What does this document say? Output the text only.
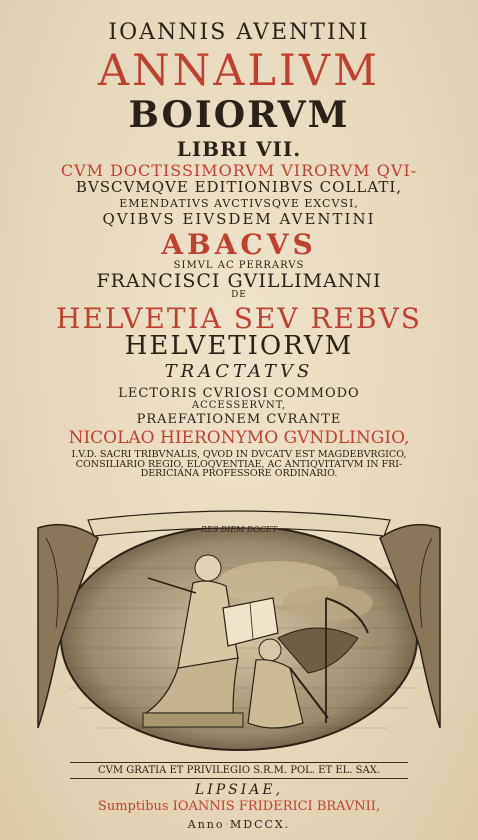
IOANNIS AVENTINI
ANNALIVM
BOIORVM
LIBRI VII.
CVM DOCTISSIMORVM VIRORVM QVI-
BVSCVMQVE EDITIONIBVS COLLATI,
EMENDATIVS AVCTIVSQVE EXCVSI,
QVIBVS EIVSDEM AVENTINI
ABACVS
SIMVL AC PERRARVS
FRANCISCI GVILLIMANNI
DE
HELVETIA SEV REBVS
HELVETIORVM
TRACTATVS
LECTORIS CVRIOSI COMMODO
ACCESSERVNT,
PRAEFATIONEM CVRANTE
NICOLAO HIERONYMO GVNDLINGIO,
I.V.D. SACRI TRIBVNALIS, QVOD IN DVCATV EST MAGDEBVRGICO,
CONSILIARIO REGIO, ELOQVENTIAE, AC ANTIQVITATVM IN FRI-
DERICIANA PROFESSORE ORDINARIO.
RES DIEM DOCET
CVM GRATIA ET PRIVILEGIO S.R.M. POL. ET EL. SAX.
LIPSIAE,
Sumptibus IOANNIS FRIDERICI BRAVNII,
Anno MDCCX.
